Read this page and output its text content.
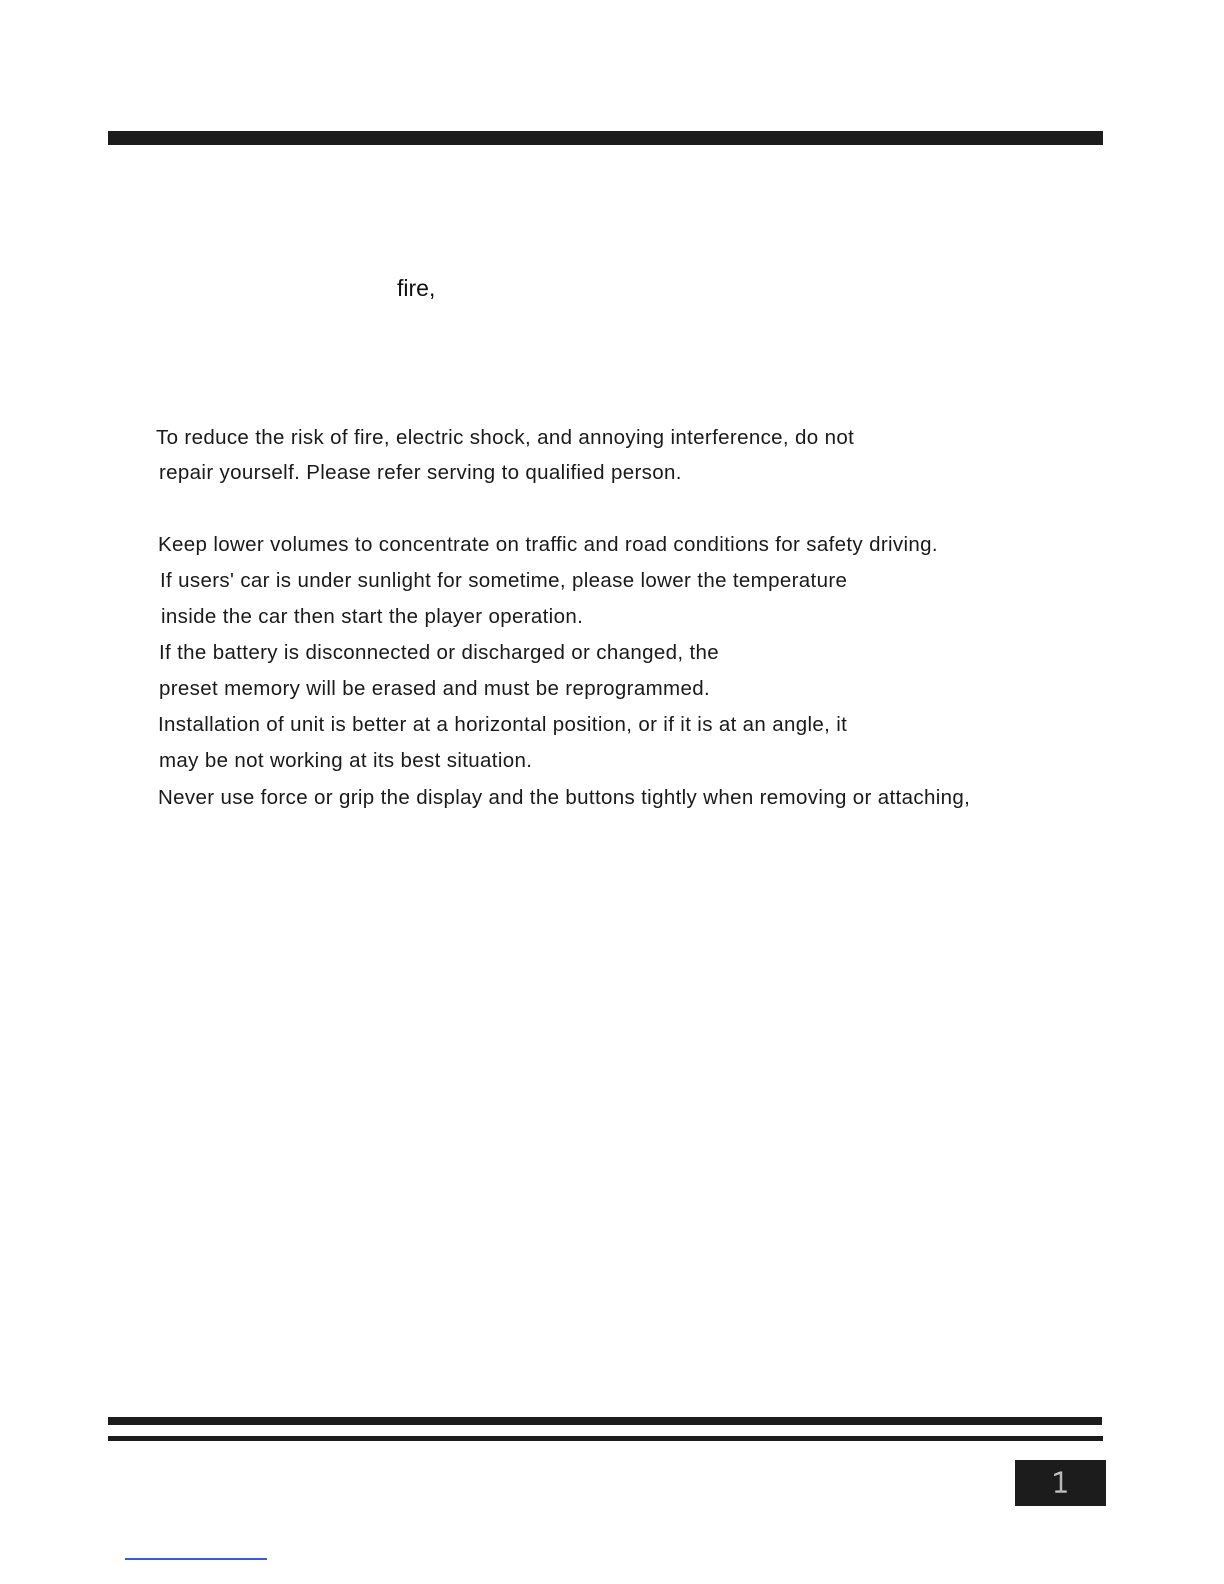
fire,
To reduce the risk of fire, electric shock, and annoying interference, do not
repair yourself. Please refer serving to qualified person.
Keep lower volumes to concentrate on traffic and road conditions for safety driving.
If users' car is under sunlight for sometime, please lower the temperature
inside the car then start the player operation.
If the battery is disconnected or discharged or changed, the
preset memory will be erased and must be reprogrammed.
Installation of unit is better at a horizontal position, or if it is at an angle, it
may be not working at its best situation.
Never use force or grip the display and the buttons tightly when removing or attaching,
1
